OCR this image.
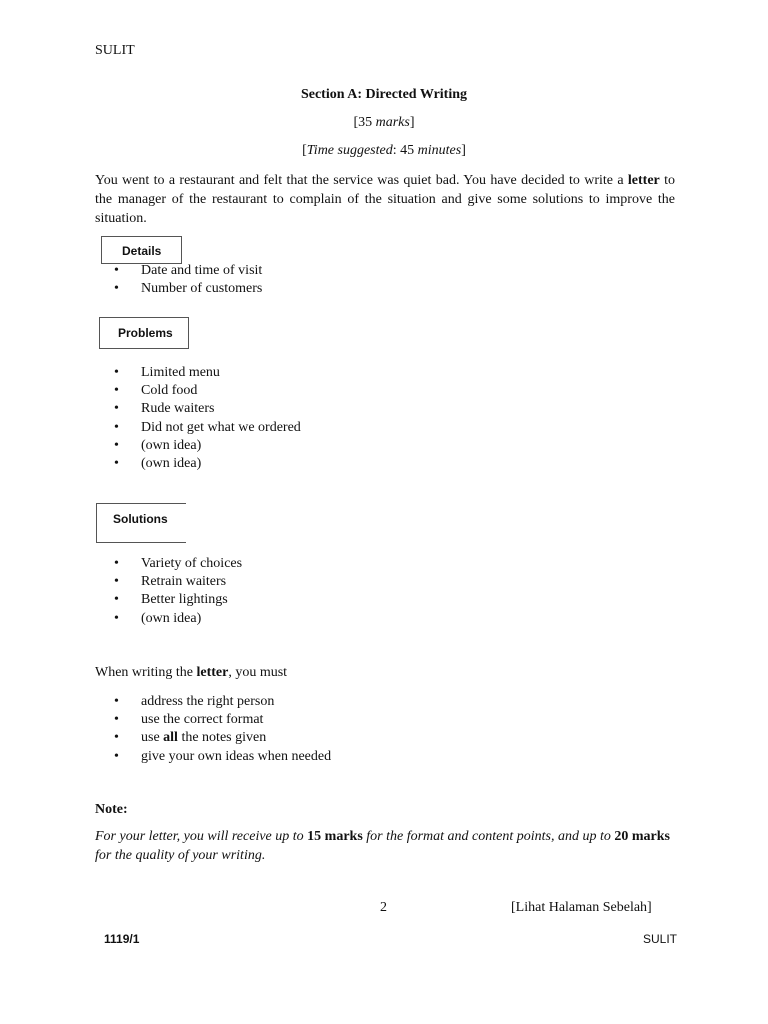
SULIT
Section A: Directed Writing
[35 marks]
[Time suggested: 45 minutes]
You went to a restaurant and felt that the service was quiet bad. You have decided to write a letter to the manager of the restaurant to complain of the situation and give some solutions to improve the situation.
Details
• Date and time of visit
• Number of customers
Problems
• Limited menu
• Cold food
• Rude waiters
• Did not get what we ordered
• (own idea)
• (own idea)
Solutions
• Variety of choices
• Retrain waiters
• Better lightings
• (own idea)
When writing the letter, you must
• address the right person
• use the correct format
• use all the notes given
• give your own ideas when needed
Note:
For your letter, you will receive up to 15 marks for the format and content points, and up to 20 marks for the quality of your writing.
2	[Lihat Halaman Sebelah]
1119/1	SULIT
